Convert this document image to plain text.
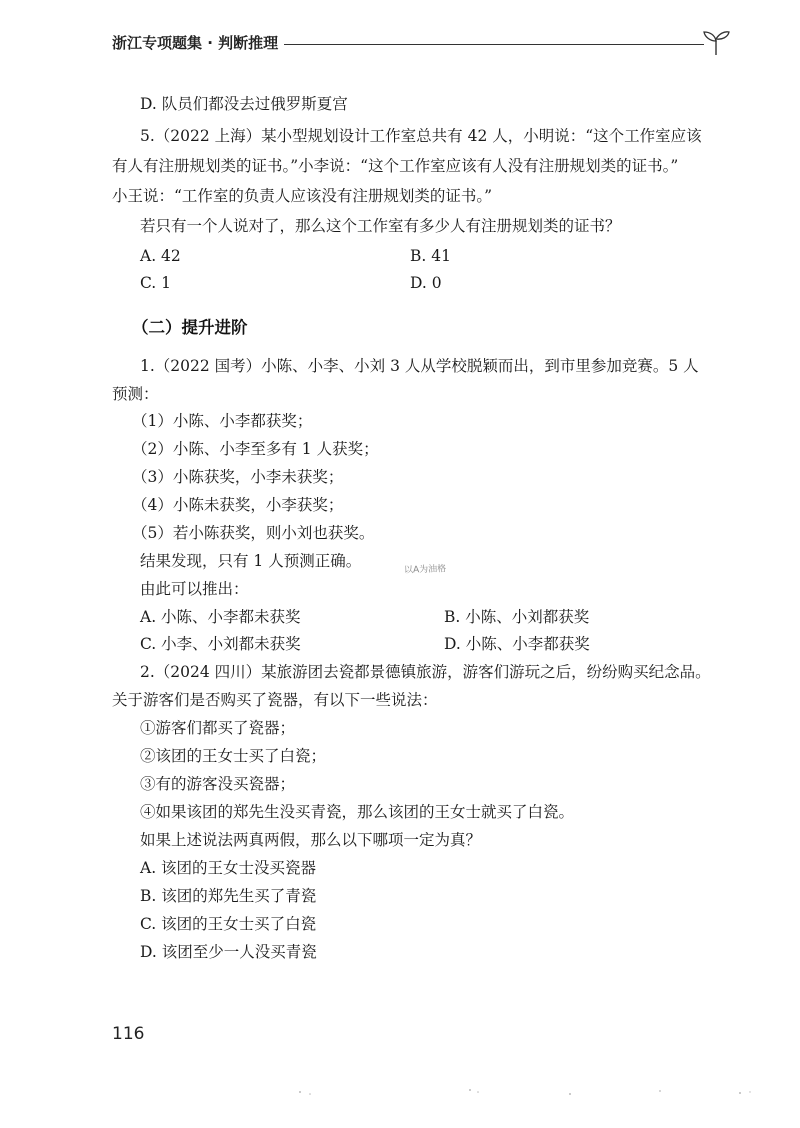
浙江专项题集 · 判断推理
D. 队员们都没去过俄罗斯夏宫
5.（2022 上海）某小型规划设计工作室总共有 42 人，小明说：“这个工作室应该
有人有注册规划类的证书。”小李说：“这个工作室应该有人没有注册规划类的证书。”
小王说：“工作室的负责人应该没有注册规划类的证书。”
若只有一个人说对了，那么这个工作室有多少人有注册规划类的证书？
A. 42	B. 41
C. 1	D. 0
（二）提升进阶
1.（2022 国考）小陈、小李、小刘 3 人从学校脱颖而出，到市里参加竞赛。5 人
预测：
（1）小陈、小李都获奖；
（2）小陈、小李至多有 1 人获奖；
（3）小陈获奖，小李未获奖；
（4）小陈未获奖，小李获奖；
（5）若小陈获奖，则小刘也获奖。
结果发现，只有 1 人预测正确。
由此可以推出：
A. 小陈、小李都未获奖	B. 小陈、小刘都获奖
C. 小李、小刘都未获奖	D. 小陈、小李都获奖
以A为油格
2.（2024 四川）某旅游团去瓷都景德镇旅游，游客们游玩之后，纷纷购买纪念品。
关于游客们是否购买了瓷器，有以下一些说法：
①游客们都买了瓷器；
②该团的王女士买了白瓷；
③有的游客没买瓷器；
④如果该团的郑先生没买青瓷，那么该团的王女士就买了白瓷。
如果上述说法两真两假，那么以下哪项一定为真？
A. 该团的王女士没买瓷器
B. 该团的郑先生买了青瓷
C. 该团的王女士买了白瓷
D. 该团至少一人没买青瓷
116
